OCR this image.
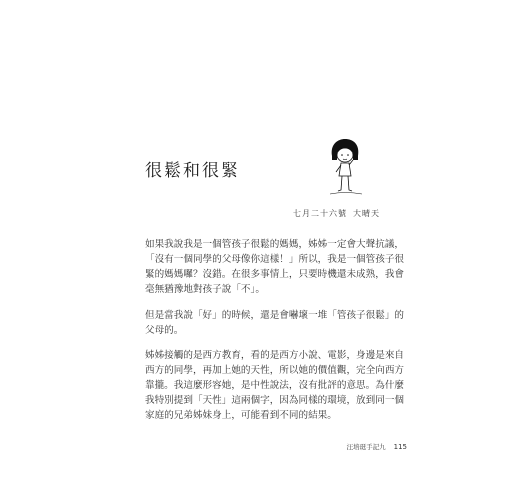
很鬆和很緊
七月二十六號 大晴天
如果我說我是一個管孩子很鬆的媽媽，姊姊一定會大聲抗議，
「沒有一個同學的父母像你這樣！」所以，我是一個管孩子很
緊的媽媽囉？沒錯。在很多事情上，只要時機還未成熟，我會
毫無猶豫地對孩子說「不」。
但是當我說「好」的時候，還是會嚇壞一堆「管孩子很鬆」的
父母的。
姊姊接觸的是西方教育，看的是西方小說、電影，身邊是來自
西方的同學，再加上她的天性，所以她的價值觀，完全向西方
靠攏。我這麼形容她，是中性說法，沒有批評的意思。為什麼
我特別提到「天性」這兩個字，因為同樣的環境，放到同一個
家庭的兄弟姊妹身上，可能看到不同的結果。
汪培珽手記九 115
